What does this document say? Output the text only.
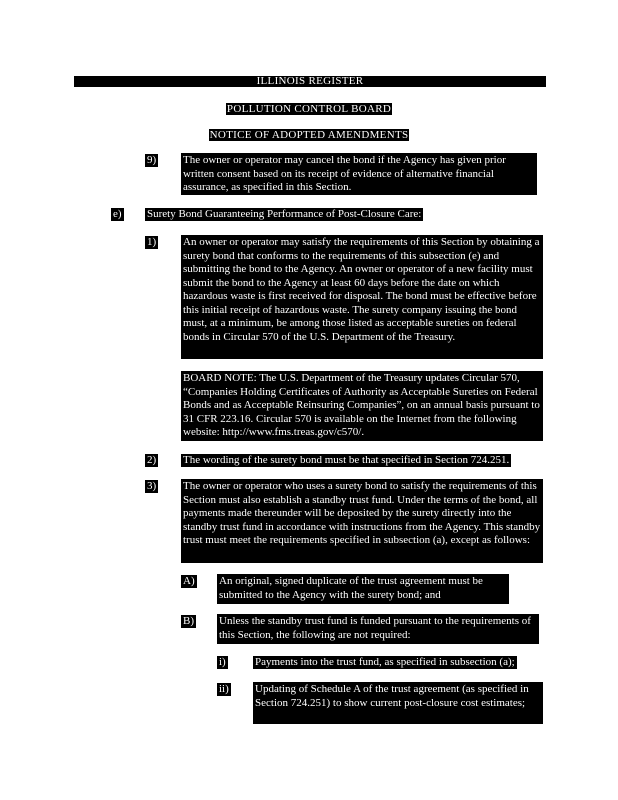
ILLINOIS REGISTER
POLLUTION CONTROL BOARD
NOTICE OF ADOPTED AMENDMENTS
9) The owner or operator may cancel the bond if the Agency has given prior written consent based on its receipt of evidence of alternative financial assurance, as specified in this Section.
e) Surety Bond Guaranteeing Performance of Post-Closure Care:
1) An owner or operator may satisfy the requirements of this Section by obtaining a surety bond that conforms to the requirements of this subsection (e) and submitting the bond to the Agency. An owner or operator of a new facility must submit the bond to the Agency at least 60 days before the date on which hazardous waste is first received for disposal. The bond must be effective before this initial receipt of hazardous waste. The surety company issuing the bond must, at a minimum, be among those listed as acceptable sureties on federal bonds in Circular 570 of the U.S. Department of the Treasury.
BOARD NOTE: The U.S. Department of the Treasury updates Circular 570, “Companies Holding Certificates of Authority as Acceptable Sureties on Federal Bonds and as Acceptable Reinsuring Companies”, on an annual basis pursuant to 31 CFR 223.16. Circular 570 is available on the Internet from the following website: http://www.fms.treas.gov/c570/.
2) The wording of the surety bond must be that specified in Section 724.251.
3) The owner or operator who uses a surety bond to satisfy the requirements of this Section must also establish a standby trust fund. Under the terms of the bond, all payments made thereunder will be deposited by the surety directly into the standby trust fund in accordance with instructions from the Agency. This standby trust must meet the requirements specified in subsection (a), except as follows:
A) An original, signed duplicate of the trust agreement must be submitted to the Agency with the surety bond; and
B) Unless the standby trust fund is funded pursuant to the requirements of this Section, the following are not required:
i)	Payments into the trust fund, as specified in subsection (a);
ii) Updating of Schedule A of the trust agreement (as specified in Section 724.251) to show current post-closure cost estimates;
